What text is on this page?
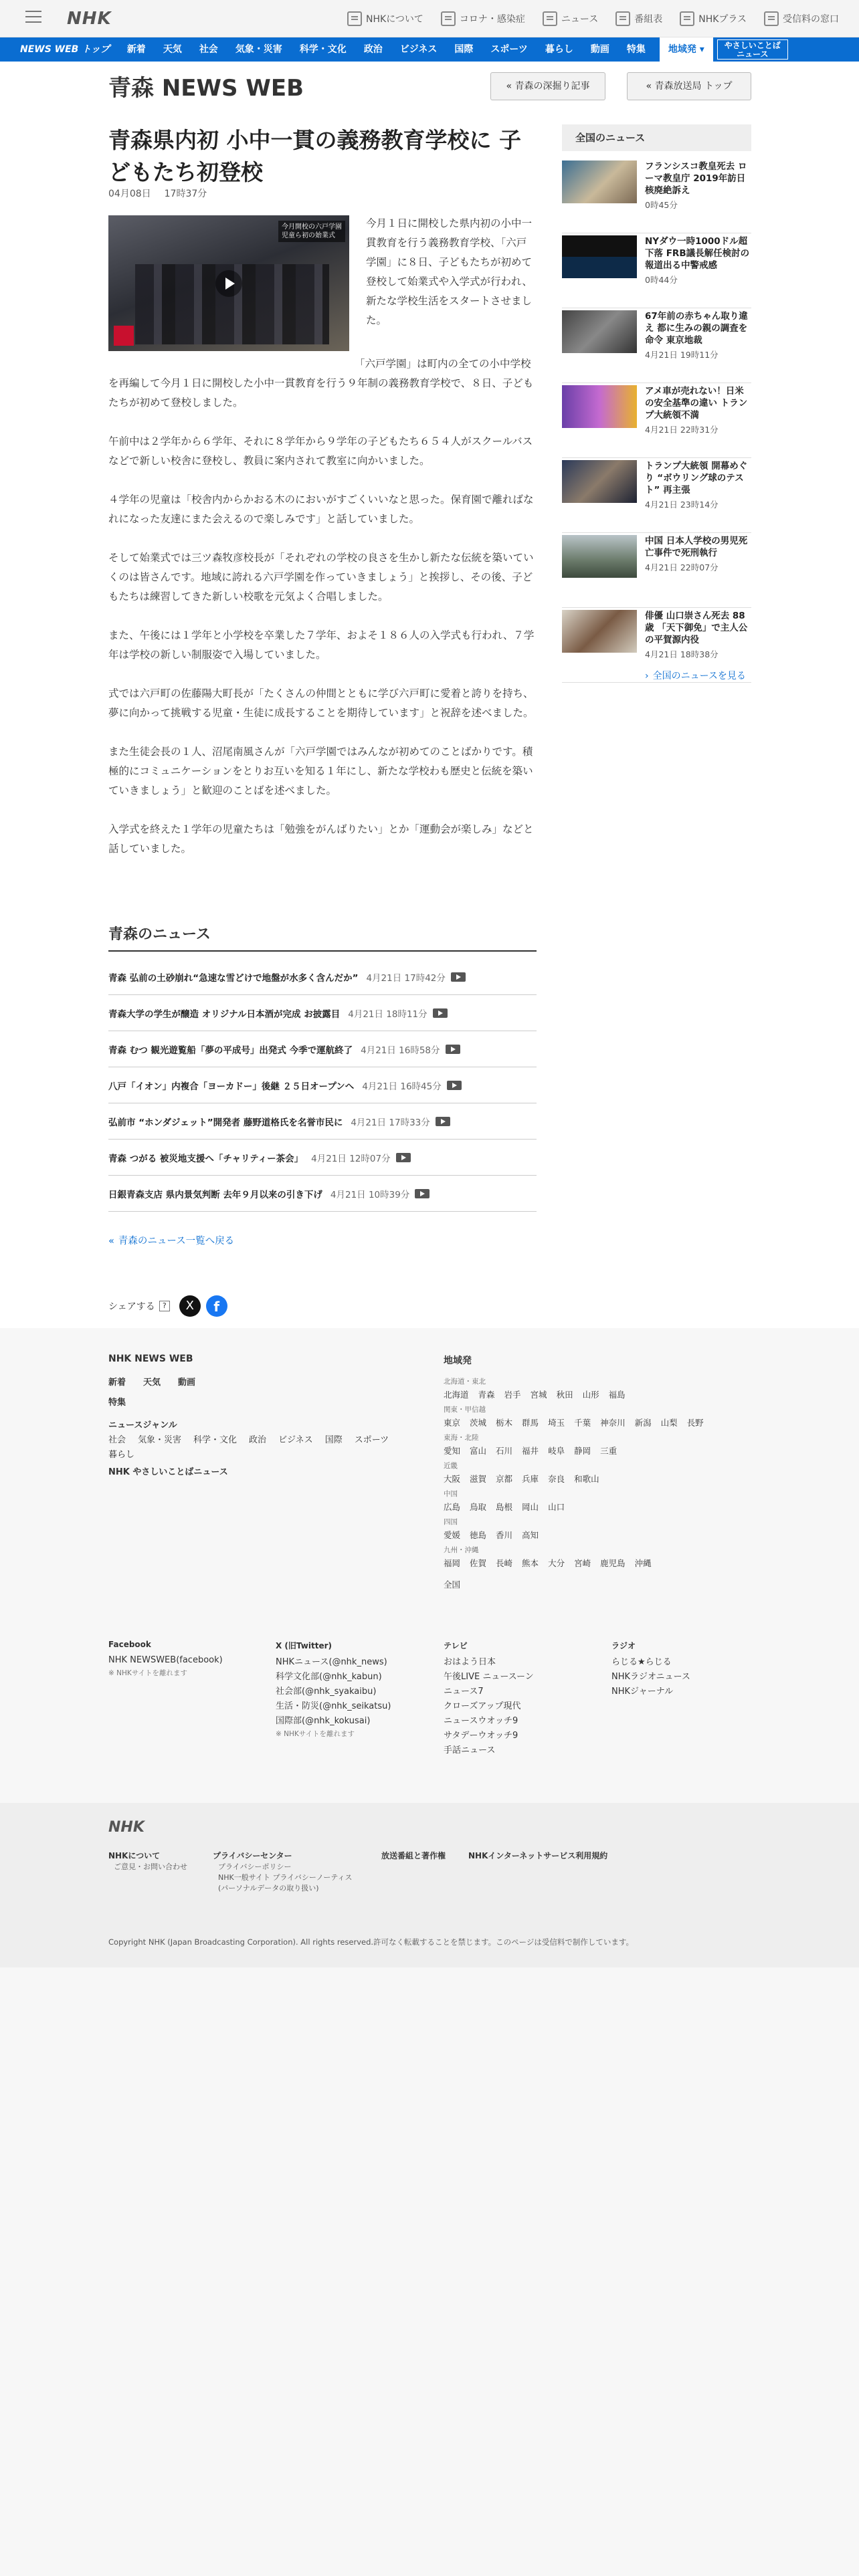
NHK	NHKについて	コロナ・感染症	ニュース	番組表	NHKプラス	受信料の窓口
NEWS WEB トップ	新着	天気	社会	気象・災害	科学・文化	政治	ビジネス	国際	スポーツ	暮らし	動画	特集	地域発 ▾	やさしいことば
ニュース
青森 NEWS WEB	« 青森の深掘り記事	« 青森放送局 トップ
青森県内初 小中一貫の義務教育学校に 子どもたち初登校
04月08日 17時37分
今月開校の六戸学園
児童ら初の始業式

今月１日に開校した県内初の小中一貫教育を行う義務教育学校、「六戸学園」に８日、子どもたちが初めて登校して始業式や入学式が行われ、新たな学校生活をスタートさせました。

「六戸学園」は町内の全ての小中学校を再編して今月１日に開校した小中一貫教育を行う９年制の義務教育学校で、８日、子どもたちが初めて登校しました。

午前中は２学年から６学年、それに８学年から９学年の子どもたち６５４人がスクールバスなどで新しい校舎に登校し、教員に案内されて教室に向かいました。

４学年の児童は「校舎内からかおる木のにおいがすごくいいなと思った。保育園で離ればなれになった友達にまた会えるので楽しみです」と話していました。

そして始業式では三ツ森牧彦校長が「それぞれの学校の良さを生かし新たな伝統を築いていくのは皆さんです。地域に誇れる六戸学園を作っていきましょう」と挨拶し、その後、子どもたちは練習してきた新しい校歌を元気よく合唱しました。

また、午後には１学年と小学校を卒業した７学年、およそ１８６人の入学式も行われ、７学年は学校の新しい制服姿で入場していました。

式では六戸町の佐藤陽大町長が「たくさんの仲間とともに学び六戸町に愛着と誇りを持ち、夢に向かって挑戦する児童・生徒に成長することを期待しています」と祝辞を述べました。

また生徒会長の１人、沼尾南風さんが「六戸学園ではみんなが初めてのことばかりです。積極的にコミュニケーションをとりお互いを知る１年にし、新たな学校わも歴史と伝統を築いていきましょう」と歓迎のことばを述べました。

入学式を終えた１学年の児童たちは「勉強をがんばりたい」とか「運動会が楽しみ」などと話していました。

全国のニュース
フランシスコ教皇死去 ローマ教皇庁 2019年訪日 核廃絶訴え
0時45分
NYダウ一時1000ドル超下落 FRB議長解任検討の報道出る中警戒感
0時44分
67年前の赤ちゃん取り違え 都に生みの親の調査を命令 東京地裁
4月21日 19時11分
アメ車が売れない！日米の安全基準の違い トランプ大統領不満
4月21日 22時31分
トランプ大統領 開幕めぐり “ボウリング球のテスト” 再主張
4月21日 23時14分
中国 日本人学校の男児死亡事件で死刑執行
4月21日 22時07分
俳優 山口崇さん死去 88歳 「天下御免」で主人公の平賀源内役
4月21日 18時38分
› 全国のニュースを見る
青森のニュース
青森 弘前の土砂崩れ“急速な雪どけで地盤が水多く含んだか” 4月21日 17時42分
青森大学の学生が醸造 オリジナル日本酒が完成 お披露目 4月21日 18時11分
青森 むつ 観光遊覧船「夢の平成号」出発式 今季で運航終了 4月21日 16時58分
八戸「イオン」内複合「ヨーカドー」後継 ２５日オープンへ 4月21日 16時45分
弘前市 “ホンダジェット”開発者 藤野道格氏を名誉市民に 4月21日 17時33分
青森 つがる 被災地支援へ「チャリティー茶会」 4月21日 12時07分
日銀青森支店 県内景気判断 去年９月以来の引き下げ 4月21日 10時39分
« 青森のニュース一覧へ戻る
シェアする	?	X	f
NHK NEWS WEB
新着 天気 動画
特集
ニュースジャンル
社会 気象・災害 科学・文化 政治 ビジネス 国際 スポーツ
暮らし
NHK やさしいことばニュース
地域発
北海道・東北
北海道 青森 岩手 宮城 秋田 山形 福島
関東・甲信越
東京 茨城 栃木 群馬 埼玉 千葉 神奈川 新潟 山梨 長野
東海・北陸
愛知 富山 石川 福井 岐阜 静岡 三重
近畿
大阪 滋賀 京都 兵庫 奈良 和歌山
中国
広島 鳥取 島根 岡山 山口
四国
愛媛 徳島 香川 高知
九州・沖縄
福岡 佐賀 長崎 熊本 大分 宮崎 鹿児島 沖縄
全国
Facebook
NHK NEWSWEB(facebook)
※ NHKサイトを離れます
X (旧Twitter)
NHKニュース(@nhk_news)
科学文化部(@nhk_kabun)
社会部(@nhk_syakaibu)
生活・防災(@nhk_seikatsu)
国際部(@nhk_kokusai)
※ NHKサイトを離れます
テレビ
おはよう日本
午後LIVE ニュースーン
ニュース7
クローズアップ現代
ニュースウオッチ9
サタデーウオッチ9
手話ニュース
ラジオ
らじる★らじる
NHKラジオニュース
NHKジャーナル
NHK
NHKについて
ご意見・お問い合わせ
プライバシーセンター
プライバシーポリシー
NHK一般サイト プライバシーノーティス
(パーソナルデータの取り扱い)
放送番組と著作権	NHKインターネットサービス利用規約
Copyright NHK (Japan Broadcasting Corporation). All rights reserved.許可なく転載することを禁じます。このページは受信料で制作しています。
